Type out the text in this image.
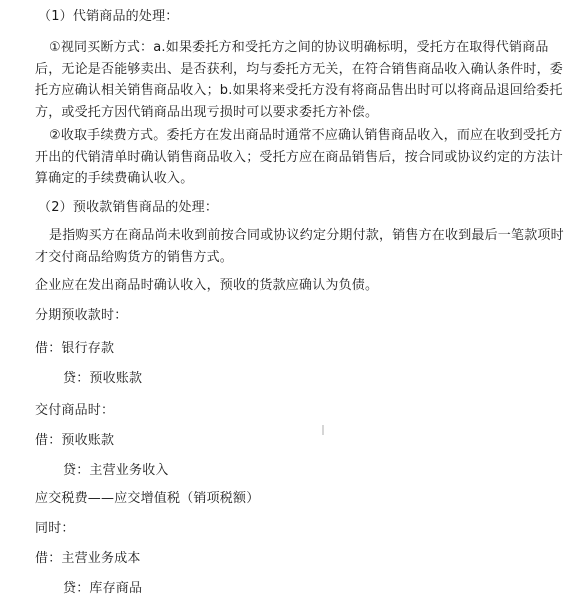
（1）代销商品的处理：
①视同买断方式：a.如果委托方和受托方之间的协议明确标明，受托方在取得代销商品后，无论是否能够卖出、是否获利，均与委托方无关，在符合销售商品收入确认条件时，委托方应确认相关销售商品收入；b.如果将来受托方没有将商品售出时可以将商品退回给委托方，或受托方因代销商品出现亏损时可以要求委托方补偿。
②收取手续费方式。委托方在发出商品时通常不应确认销售商品收入，而应在收到受托方开出的代销清单时确认销售商品收入；受托方应在商品销售后，按合同或协议约定的方法计算确定的手续费确认收入。
（2）预收款销售商品的处理：
是指购买方在商品尚未收到前按合同或协议约定分期付款，销售方在收到最后一笔款项时才交付商品给购货方的销售方式。
企业应在发出商品时确认收入，预收的货款应确认为负债。
分期预收款时：
借：银行存款
贷：预收账款
交付商品时：
借：预收账款
贷：主营业务收入
应交税费——应交增值税（销项税额）
同时：
借：主营业务成本
贷：库存商品
